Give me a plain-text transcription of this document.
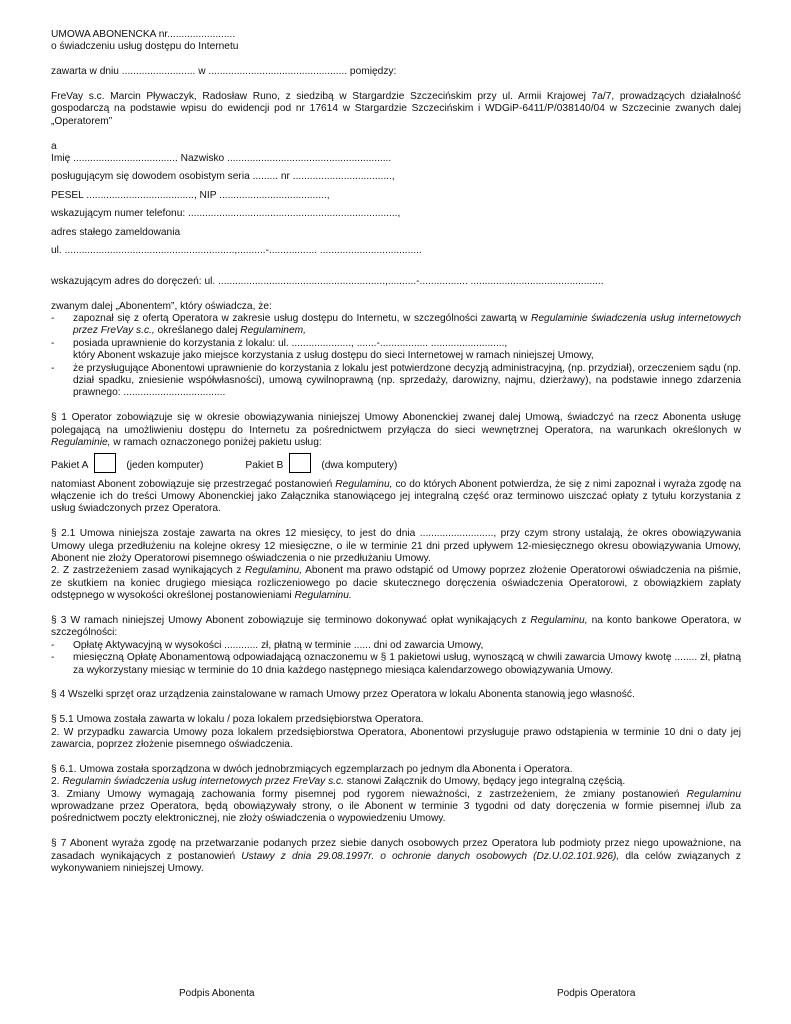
UMOWA ABONENCKA nr........................

o świadczeniu usług dostępu do Internetu

zawarta w dniu .......................... w ................................................. pomiędzy:

FreVay s.c. Marcin Pływaczyk, Radosław Runo, z siedzibą w Stargardzie Szczecińskim przy ul. Armii Krajowej 7a/7, prowadzących działalność gospodarczą na podstawie wpisu do ewidencji pod nr 17614 w Stargardzie Szczecińskim i WDGiP-6411/P/038140/04 w Szczecinie zwanych dalej „Operatorem”

a

Imię ..................................... Nazwisko ..........................................................

posługującym się dowodem osobistym seria ......... nr ...................................,

PESEL ......................................, NIP ......................................,

wskazującym numer telefonu: ..........................................................................,

adres stałego zameldowania

ul. ............................................................,..........-................. ....................................

wskazującym adres do doręczeń: ul. ...........................................................,..........-................. ...............................................

zwanym dalej „Abonentem”, który oświadcza, że:

-	zapoznał się z ofertą Operatora w zakresie usług dostępu do Internetu, w szczególności zawartą w Regulaminie świadczenia usług internetowych przez FreVay s.c., określanego dalej Regulaminem,
-	posiada uprawnienie do korzystania z lokalu: ul. ....................., .......-................. ..........................,

który Abonent wskazuje jako miejsce korzystania z usług dostępu do sieci Internetowej w ramach niniejszej Umowy,

-	że przysługujące Abonentowi uprawnienie do korzystania z lokalu jest potwierdzone decyzją administracyjną, (np. przydział), orzeczeniem sądu (np. dział spadku, zniesienie współwłasności), umową cywilnoprawną (np. sprzedaży, darowizny, najmu, dzierżawy), na podstawie innego zdarzenia prawnego: ....................................

§ 1 Operator zobowiązuje się w okresie obowiązywania niniejszej Umowy Abonenckiej zwanej dalej Umową, świadczyć na rzecz Abonenta usługę polegającą na umożliwieniu dostępu do Internetu za pośrednictwem przyłącza do sieci wewnętrznej Operatora, na warunkach określonych w Regulaminie, w ramach oznaczonego poniżej pakietu usług:

Pakiet A	(jeden komputer)	Pakiet B	(dwa komputery)

natomiast Abonent zobowiązuje się przestrzegać postanowień Regulaminu, co do których Abonent potwierdza, że się z nimi zapoznał i wyraża zgodę na włączenie ich do treści Umowy Abonenckiej jako Załącznika stanowiącego jej integralną część oraz terminowo uiszczać opłaty z tytułu korzystania z usług świadczonych przez Operatora.

§ 2.1 Umowa niniejsza zostaje zawarta na okres 12 miesięcy, to jest do dnia .........................., przy czym strony ustalają, że okres obowiązywania Umowy ulega przedłużeniu na kolejne okresy 12 miesięczne, o ile w terminie 21 dni przed upływem 12-miesięcznego okresu obowiązywania Umowy, Abonent nie złoży Operatorowi pisemnego oświadczenia o nie przedłużaniu Umowy.

2. Z zastrzeżeniem zasad wynikających z Regulaminu, Abonent ma prawo odstąpić od Umowy poprzez złożenie Operatorowi oświadczenia na piśmie, ze skutkiem na koniec drugiego miesiąca rozliczeniowego po dacie skutecznego doręczenia oświadczenia Operatorowi, z obowiązkiem zapłaty odstępnego w wysokości określonej postanowieniami Regulaminu.

§ 3 W ramach niniejszej Umowy Abonent zobowiązuje się terminowo dokonywać opłat wynikających z Regulaminu, na konto bankowe Operatora, w szczególności:

-	Opłatę Aktywacyjną w wysokości ............ zł, płatną w terminie ...... dni od zawarcia Umowy,
-	miesięczną Opłatę Abonamentową odpowiadającą oznaczonemu w § 1 pakietowi usług, wynoszącą w chwili zawarcia Umowy kwotę ........ zł, płatną za wykorzystany miesiąc w terminie do 10 dnia każdego następnego miesiąca kalendarzowego obowiązywania Umowy.

§ 4 Wszelki sprzęt oraz urządzenia zainstalowane w ramach Umowy przez Operatora w lokalu Abonenta stanowią jego własność.

§ 5.1 Umowa została zawarta w lokalu / poza lokalem przedsiębiorstwa Operatora.

2. W przypadku zawarcia Umowy poza lokalem przedsiębiorstwa Operatora, Abonentowi przysługuje prawo odstąpienia w terminie 10 dni o daty jej zawarcia, poprzez złożenie pisemnego oświadczenia.

§ 6.1. Umowa została sporządzona w dwóch jednobrzmiących egzemplarzach po jednym dla Abonenta i Operatora.

2. Regulamin świadczenia usług internetowych przez FreVay s.c. stanowi Załącznik do Umowy, będący jego integralną częścią.

3. Zmiany Umowy wymagają zachowania formy pisemnej pod rygorem nieważności, z zastrzeżeniem, że zmiany postanowień Regulaminu wprowadzane przez Operatora, będą obowiązywały strony, o ile Abonent w terminie 3 tygodni od daty doręczenia w formie pisemnej i/lub za pośrednictwem poczty elektronicznej, nie złoży oświadczenia o wypowiedzeniu Umowy.

§ 7 Abonent wyraża zgodę na przetwarzanie podanych przez siebie danych osobowych przez Operatora lub podmioty przez niego upoważnione, na zasadach wynikających z postanowień Ustawy z dnia 29.08.1997r. o ochronie danych osobowych (Dz.U.02.101.926), dla celów związanych z wykonywaniem niniejszej Umowy.

Podpis Abonenta	Podpis Operatora
